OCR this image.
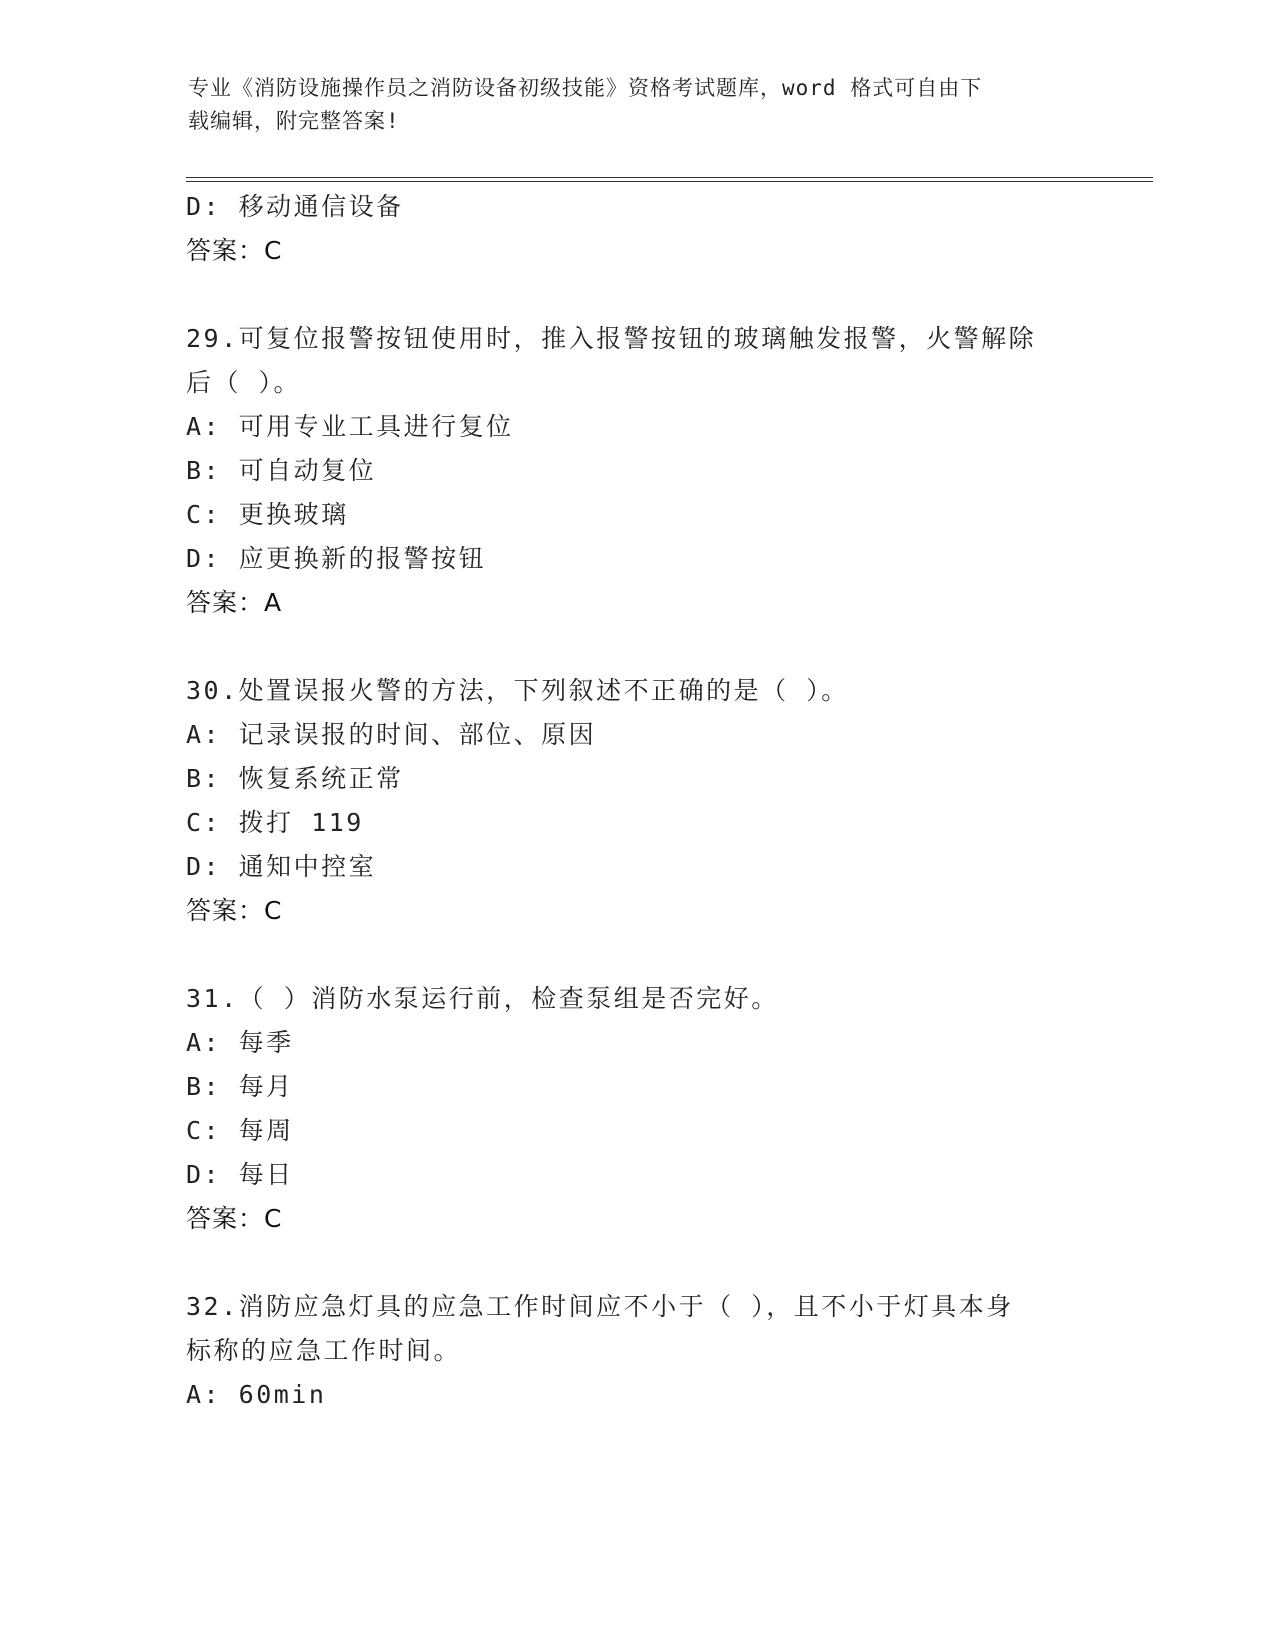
专业《消防设施操作员之消防设备初级技能》资格考试题库，word 格式可自由下
载编辑，附完整答案!
D: 移动通信设备
答案：C
29.可复位报警按钮使用时，推入报警按钮的玻璃触发报警，火警解除
后（ ）。
A: 可用专业工具进行复位
B: 可自动复位
C: 更换玻璃
D: 应更换新的报警按钮
答案：A
30.处置误报火警的方法，下列叙述不正确的是（ ）。
A: 记录误报的时间、部位、原因
B: 恢复系统正常
C: 拨打 119
D: 通知中控室
答案：C
31.（ ）消防水泵运行前，检查泵组是否完好。
A: 每季
B: 每月
C: 每周
D: 每日
答案：C
32.消防应急灯具的应急工作时间应不小于（ ），且不小于灯具本身
标称的应急工作时间。
A: 60min
